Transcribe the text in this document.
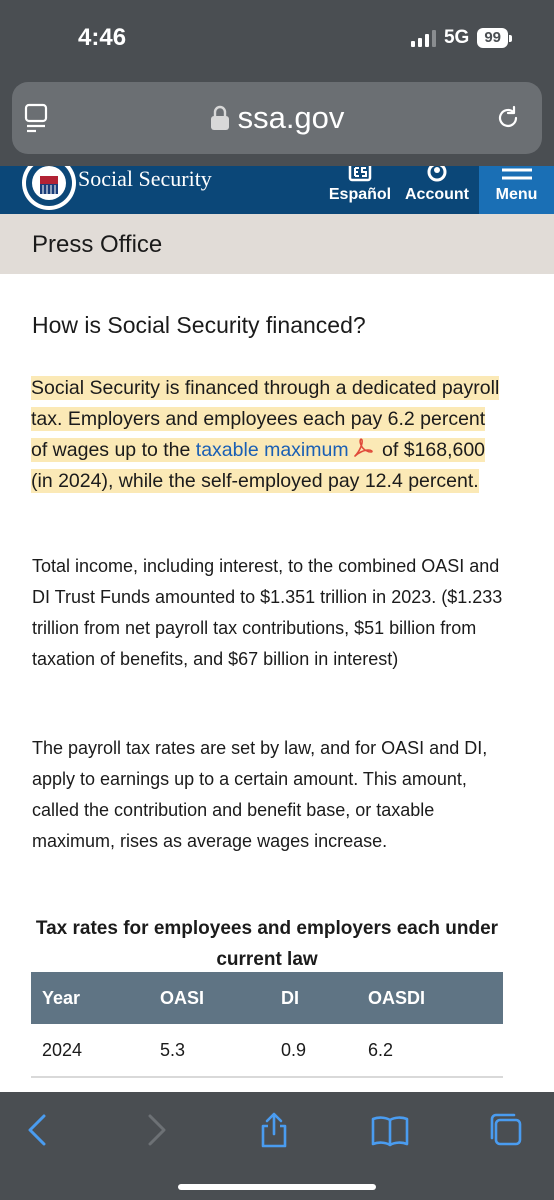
4:46	5G	99
ssa.gov
Social Security
Español Account	Menu
Press Office
How is Social Security financed?

Social Security is financed through a dedicated payroll tax. Employers and employees each pay 6.2 percent of wages up to the taxable maximum of $168,600 (in 2024), while the self-employed pay 12.4 percent.

Total income, including interest, to the combined OASI and DI Trust Funds amounted to $1.351 trillion in 2023. ($1.233 trillion from net payroll tax contributions, $51 billion from taxation of benefits, and $67 billion in interest)

The payroll tax rates are set by law, and for OASI and DI, apply to earnings up to a certain amount. This amount, called the contribution and benefit base, or taxable maximum, rises as average wages increase.

Tax rates for employees and employers each under current law
Year	OASI	DI	OASDI
2024	5.3	0.9	6.2
